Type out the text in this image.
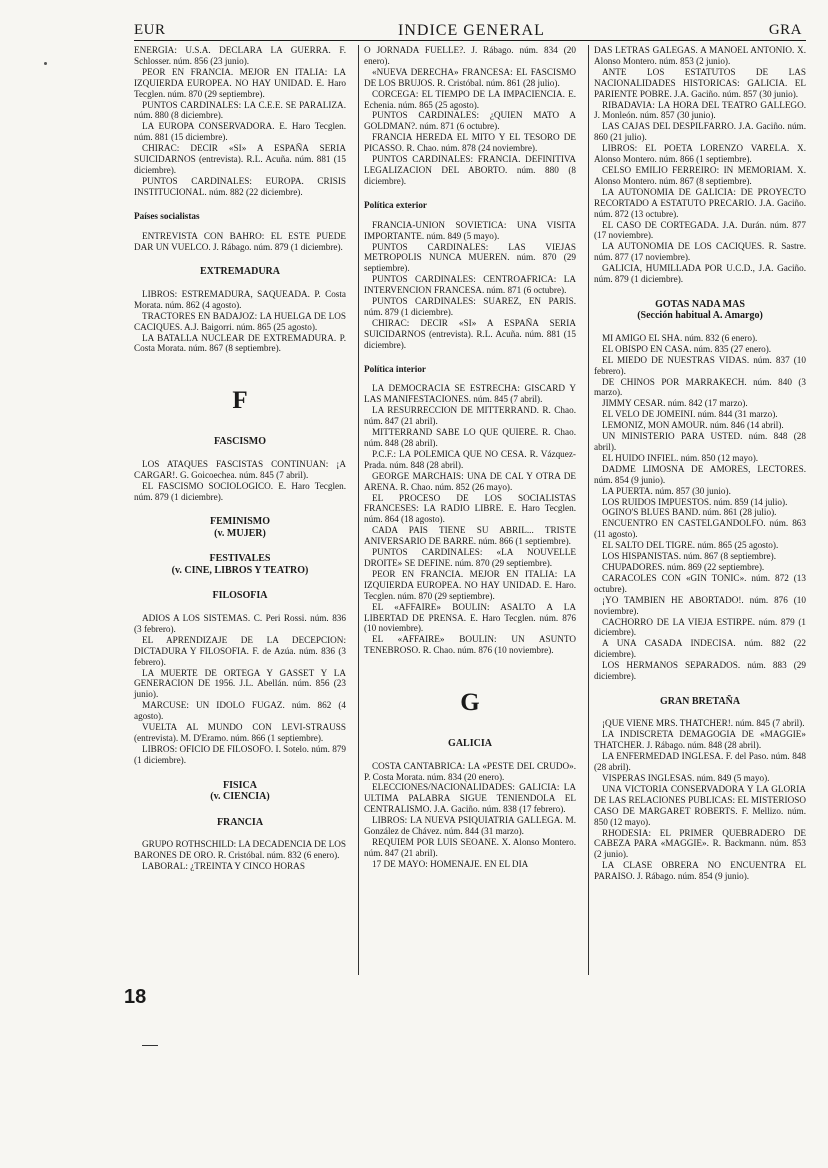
EUR	INDICE GENERAL	GRA

ENERGIA: U.S.A. DECLARA LA GUERRA. F. Schlosser. núm. 856 (23 junio).

PEOR EN FRANCIA. MEJOR EN ITALIA: LA IZQUIERDA EUROPEA. NO HAY UNIDAD. E. Haro Tecglen. núm. 870 (29 septiembre).

PUNTOS CARDINALES: LA C.E.E. SE PARALIZA. núm. 880 (8 diciembre).

LA EUROPA CONSERVADORA. E. Haro Tecglen. núm. 881 (15 diciembre).

CHIRAC: DECIR «SI» A ESPAÑA SERIA SUICIDARNOS (entrevista). R.L. Acuña. núm. 881 (15 diciembre).

PUNTOS CARDINALES: EUROPA. CRISIS INSTITUCIONAL. núm. 882 (22 diciembre).

Países socialistas

ENTREVISTA CON BAHRO: EL ESTE PUEDE DAR UN VUELCO. J. Rábago. núm. 879 (1 diciembre).

EXTREMADURA

LIBROS: ESTREMADURA, SAQUEADA. P. Costa Morata. núm. 862 (4 agosto).

TRACTORES EN BADAJOZ: LA HUELGA DE LOS CACIQUES. A.J. Baigorri. núm. 865 (25 agosto).

LA BATALLA NUCLEAR DE EXTREMADURA. P. Costa Morata. núm. 867 (8 septiembre).

F
FASCISMO

LOS ATAQUES FASCISTAS CONTINUAN: ¡A CARGAR!. G. Goicoechea. núm. 845 (7 abril).

EL FASCISMO SOCIOLOGICO. E. Haro Tecglen. núm. 879 (1 diciembre).

FEMINISMO
(v. MUJER)
FESTIVALES
(v. CINE, LIBROS Y TEATRO)
FILOSOFIA

ADIOS A LOS SISTEMAS. C. Peri Rossi. núm. 836 (3 febrero).

EL APRENDIZAJE DE LA DECEPCION: DICTADURA Y FILOSOFIA. F. de Azúa. núm. 836 (3 febrero).

LA MUERTE DE ORTEGA Y GASSET Y LA GENERACION DE 1956. J.L. Abellán. núm. 856 (23 junio).

MARCUSE: UN IDOLO FUGAZ. núm. 862 (4 agosto).

VUELTA AL MUNDO CON LEVI-STRAUSS (entrevista). M. D'Eramo. núm. 866 (1 septiembre).

LIBROS: OFICIO DE FILOSOFO. I. Sotelo. núm. 879 (1 diciembre).

FISICA
(v. CIENCIA)
FRANCIA

GRUPO ROTHSCHILD: LA DECADENCIA DE LOS BARONES DE ORO. R. Cristóbal. núm. 832 (6 enero).

LABORAL: ¿TREINTA Y CINCO HORAS

O JORNADA FUELLE?. J. Rábago. núm. 834 (20 enero).

«NUEVA DERECHA» FRANCESA: EL FASCISMO DE LOS BRUJOS. R. Cristóbal. núm. 861 (28 julio).

CORCEGA: EL TIEMPO DE LA IMPACIENCIA. E. Echenia. núm. 865 (25 agosto).

PUNTOS CARDINALES: ¿QUIEN MATO A GOLDMAN?. núm. 871 (6 octubre).

FRANCIA HEREDA EL MITO Y EL TESORO DE PICASSO. R. Chao. núm. 878 (24 noviembre).

PUNTOS CARDINALES: FRANCIA. DEFINITIVA LEGALIZACION DEL ABORTO. núm. 880 (8 diciembre).

Política exterior

FRANCIA-UNION SOVIETICA: UNA VISITA IMPORTANTE. núm. 849 (5 mayo).

PUNTOS CARDINALES: LAS VIEJAS METROPOLIS NUNCA MUEREN. núm. 870 (29 septiembre).

PUNTOS CARDINALES: CENTROAFRICA: LA INTERVENCION FRANCESA. núm. 871 (6 octubre).

PUNTOS CARDINALES: SUAREZ, EN PARIS. núm. 879 (1 diciembre).

CHIRAC: DECIR «SI» A ESPAÑA SERIA SUICIDARNOS (entrevista). R.L. Acuña. núm. 881 (15 diciembre).

Política interior

LA DEMOCRACIA SE ESTRECHA: GISCARD Y LAS MANIFESTACIONES. núm. 845 (7 abril).

LA RESURRECCION DE MITTERRAND. R. Chao. núm. 847 (21 abril).

MITTERRAND SABE LO QUE QUIERE. R. Chao. núm. 848 (28 abril).

P.C.F.: LA POLEMICA QUE NO CESA. R. Vázquez-Prada. núm. 848 (28 abril).

GEORGE MARCHAIS: UNA DE CAL Y OTRA DE ARENA. R. Chao. núm. 852 (26 mayo).

EL PROCESO DE LOS SOCIALISTAS FRANCESES: LA RADIO LIBRE. E. Haro Tecglen. núm. 864 (18 agosto).

CADA PAIS TIENE SU ABRIL... TRISTE ANIVERSARIO DE BARRE. núm. 866 (1 septiembre).

PUNTOS CARDINALES: «LA NOUVELLE DROITE» SE DEFINE. núm. 870 (29 septiembre).

PEOR EN FRANCIA. MEJOR EN ITALIA: LA IZQUIERDA EUROPEA. NO HAY UNIDAD. E. Haro. Tecglen. núm. 870 (29 septiembre).

EL «AFFAIRE» BOULIN: ASALTO A LA LIBERTAD DE PRENSA. E. Haro Tecglen. núm. 876 (10 noviembre).

EL «AFFAIRE» BOULIN: UN ASUNTO TENEBROSO. R. Chao. núm. 876 (10 noviembre).

G
GALICIA

COSTA CANTABRICA: LA «PESTE DEL CRUDO». P. Costa Morata. núm. 834 (20 enero).

ELECCIONES/NACIONALIDADES: GALICIA: LA ULTIMA PALABRA SIGUE TENIENDOLA EL CENTRALISMO. J.A. Gaciño. núm. 838 (17 febrero).

LIBROS: LA NUEVA PSIQUIATRIA GALLEGA. M. González de Chávez. núm. 844 (31 marzo).

REQUIEM POR LUIS SEOANE. X. Alonso Montero. núm. 847 (21 abril).

17 DE MAYO: HOMENAJE. EN EL DIA

DAS LETRAS GALEGAS. A MANOEL ANTONIO. X. Alonso Montero. núm. 853 (2 junio).

ANTE LOS ESTATUTOS DE LAS NACIONALIDADES HISTORICAS: GALICIA. EL PARIENTE POBRE. J.A. Gaciño. núm. 857 (30 junio).

RIBADAVIA: LA HORA DEL TEATRO GALLEGO. J. Monleón. núm. 857 (30 junio).

LAS CAJAS DEL DESPILFARRO. J.A. Gaciño. núm. 860 (21 julio).

LIBROS: EL POETA LORENZO VARELA. X. Alonso Montero. núm. 866 (1 septiembre).

CELSO EMILIO FERREIRO: IN MEMORIAM. X. Alonso Montero. núm. 867 (8 septiembre).

LA AUTONOMIA DE GALICIA: DE PROYECTO RECORTADO A ESTATUTO PRECARIO. J.A. Gaciño. núm. 872 (13 octubre).

EL CASO DE CORTEGADA. J.A. Durán. núm. 877 (17 noviembre).

LA AUTONOMIA DE LOS CACIQUES. R. Sastre. núm. 877 (17 noviembre).

GALICIA, HUMILLADA POR U.C.D., J.A. Gaciño. núm. 879 (1 diciembre).

GOTAS NADA MAS
(Sección habitual A. Amargo)

MI AMIGO EL SHA. núm. 832 (6 enero).

EL OBISPO EN CASA. núm. 835 (27 enero).

EL MIEDO DE NUESTRAS VIDAS. núm. 837 (10 febrero).

DE CHINOS POR MARRAKECH. núm. 840 (3 marzo).

JIMMY CESAR. núm. 842 (17 marzo).

EL VELO DE JOMEINI. núm. 844 (31 marzo).

LEMONIZ, MON AMOUR. núm. 846 (14 abril).

UN MINISTERIO PARA USTED. núm. 848 (28 abril).

EL HUIDO INFIEL. núm. 850 (12 mayo).

DADME LIMOSNA DE AMORES, LECTORES. núm. 854 (9 junio).

LA PUERTA. núm. 857 (30 junio).

LOS RUIDOS IMPUESTOS. núm. 859 (14 julio).

OGINO'S BLUES BAND. núm. 861 (28 julio).

ENCUENTRO EN CASTELGANDOLFO. núm. 863 (11 agosto).

EL SALTO DEL TIGRE. núm. 865 (25 agosto).

LOS HISPANISTAS. núm. 867 (8 septiembre).

CHUPADORES. núm. 869 (22 septiembre).

CARACOLES CON «GIN TONIC». núm. 872 (13 octubre).

¡YO TAMBIEN HE ABORTADO!. núm. 876 (10 noviembre).

CACHORRO DE LA VIEJA ESTIRPE. núm. 879 (1 diciembre).

A UNA CASADA INDECISA. núm. 882 (22 diciembre).

LOS HERMANOS SEPARADOS. núm. 883 (29 diciembre).

GRAN BRETAÑA

¡QUE VIENE MRS. THATCHER!. núm. 845 (7 abril).

LA INDISCRETA DEMAGOGIA DE «MAGGIE» THATCHER. J. Rábago. núm. 848 (28 abril).

LA ENFERMEDAD INGLESA. F. del Paso. núm. 848 (28 abril).

VISPERAS INGLESAS. núm. 849 (5 mayo).

UNA VICTORIA CONSERVADORA Y LA GLORIA DE LAS RELACIONES PUBLICAS: EL MISTERIOSO CASO DE MARGARET ROBERTS. F. Mellizo. núm. 850 (12 mayo).

RHODESIA: EL PRIMER QUEBRADERO DE CABEZA PARA «MAGGIE». R. Backmann. núm. 853 (2 junio).

LA CLASE OBRERA NO ENCUENTRA EL PARAISO. J. Rábago. núm. 854 (9 junio).

18
